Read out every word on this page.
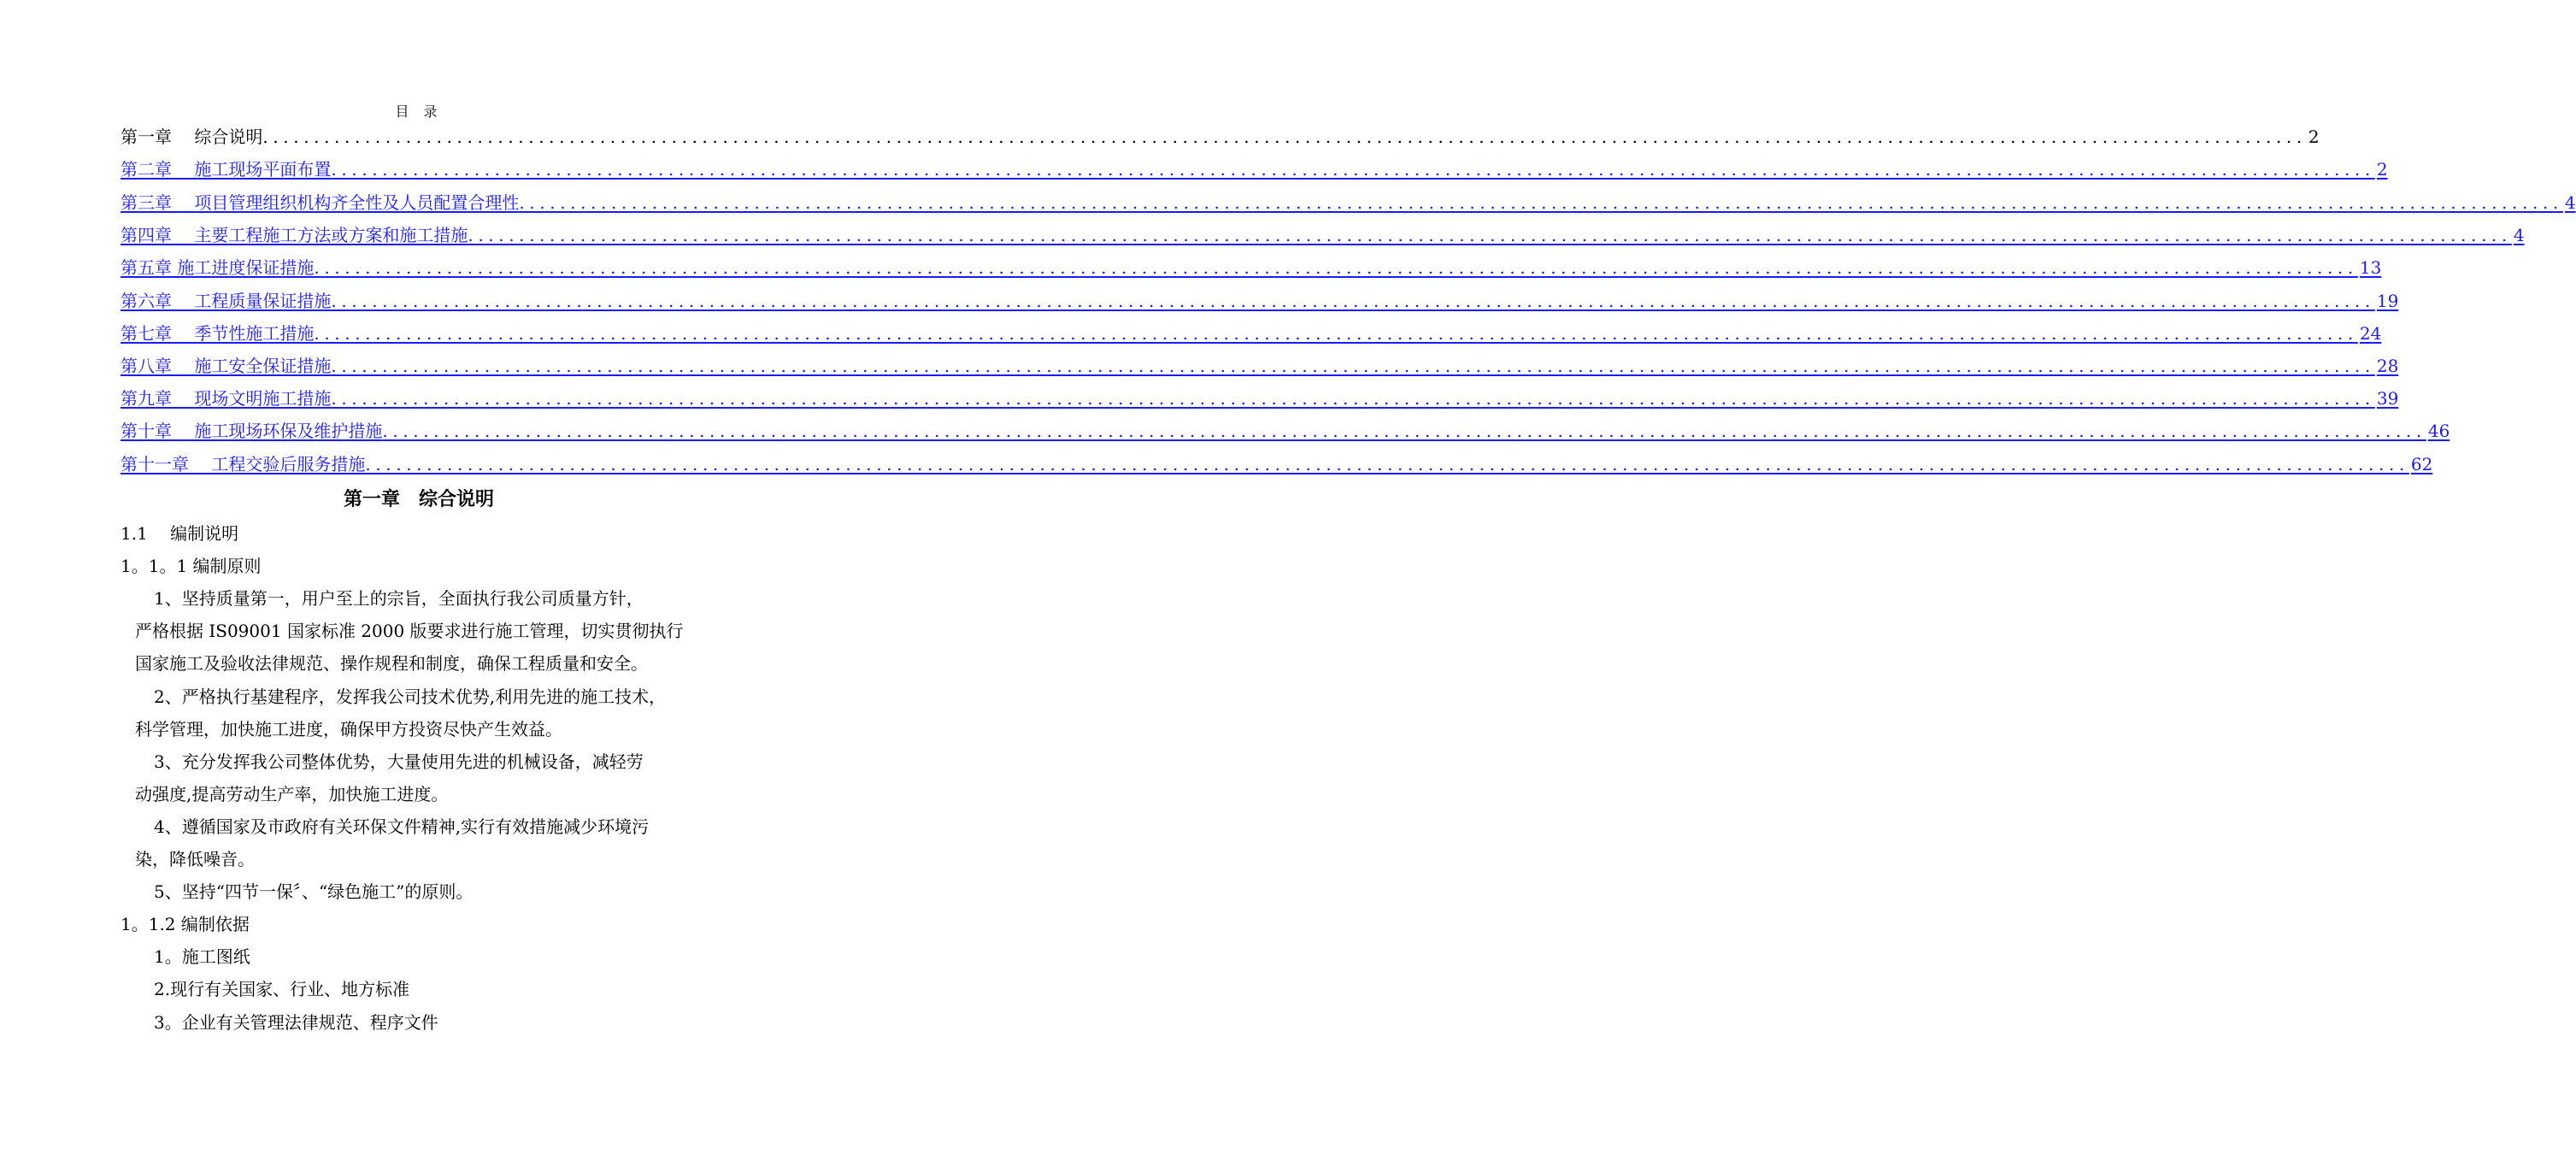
目 录
第一章　 综合说明 ........................................................................................................................................................................................................ 2
第二章　 施工现场平面布置 ........................................................................................................................................................................................................ 2
第三章　 项目管理组织机构齐全性及人员配置合理性 ........................................................................................................................................................................................................ 4
第四章　 主要工程施工方法或方案和施工措施 ........................................................................................................................................................................................................ 4
第五章 施工进度保证措施 ........................................................................................................................................................................................................ 13
第六章　 工程质量保证措施 ........................................................................................................................................................................................................ 19
第七章　 季节性施工措施 ........................................................................................................................................................................................................ 24
第八章　 施工安全保证措施 ........................................................................................................................................................................................................ 28
第九章　 现场文明施工措施 ........................................................................................................................................................................................................ 39
第十章　 施工现场环保及维护措施 ........................................................................................................................................................................................................ 46
第十一章　 工程交验后服务措施 ........................................................................................................................................................................................................ 62
第一章　综合说明
1.1　 编制说明
1。1。1 编制原则
1、坚持质量第一，用户至上的宗旨，全面执行我公司质量方针，
严格根据 IS09001 国家标准 2000 版要求进行施工管理，切实贯彻执行
国家施工及验收法律规范、操作规程和制度，确保工程质量和安全。
2、严格执行基建程序，发挥我公司技术优势,利用先进的施工技术，
科学管理，加快施工进度，确保甲方投资尽快产生效益。
3、充分发挥我公司整体优势，大量使用先进的机械设备，减轻劳
动强度,提高劳动生产率，加快施工进度。
4、遵循国家及市政府有关环保文件精神,实行有效措施减少环境污
染，降低噪音。
5、坚持“四节一保〞、“绿色施工”的原则。
1。1.2 编制依据
1。施工图纸
2.现行有关国家、行业、地方标准
3。企业有关管理法律规范、程序文件
